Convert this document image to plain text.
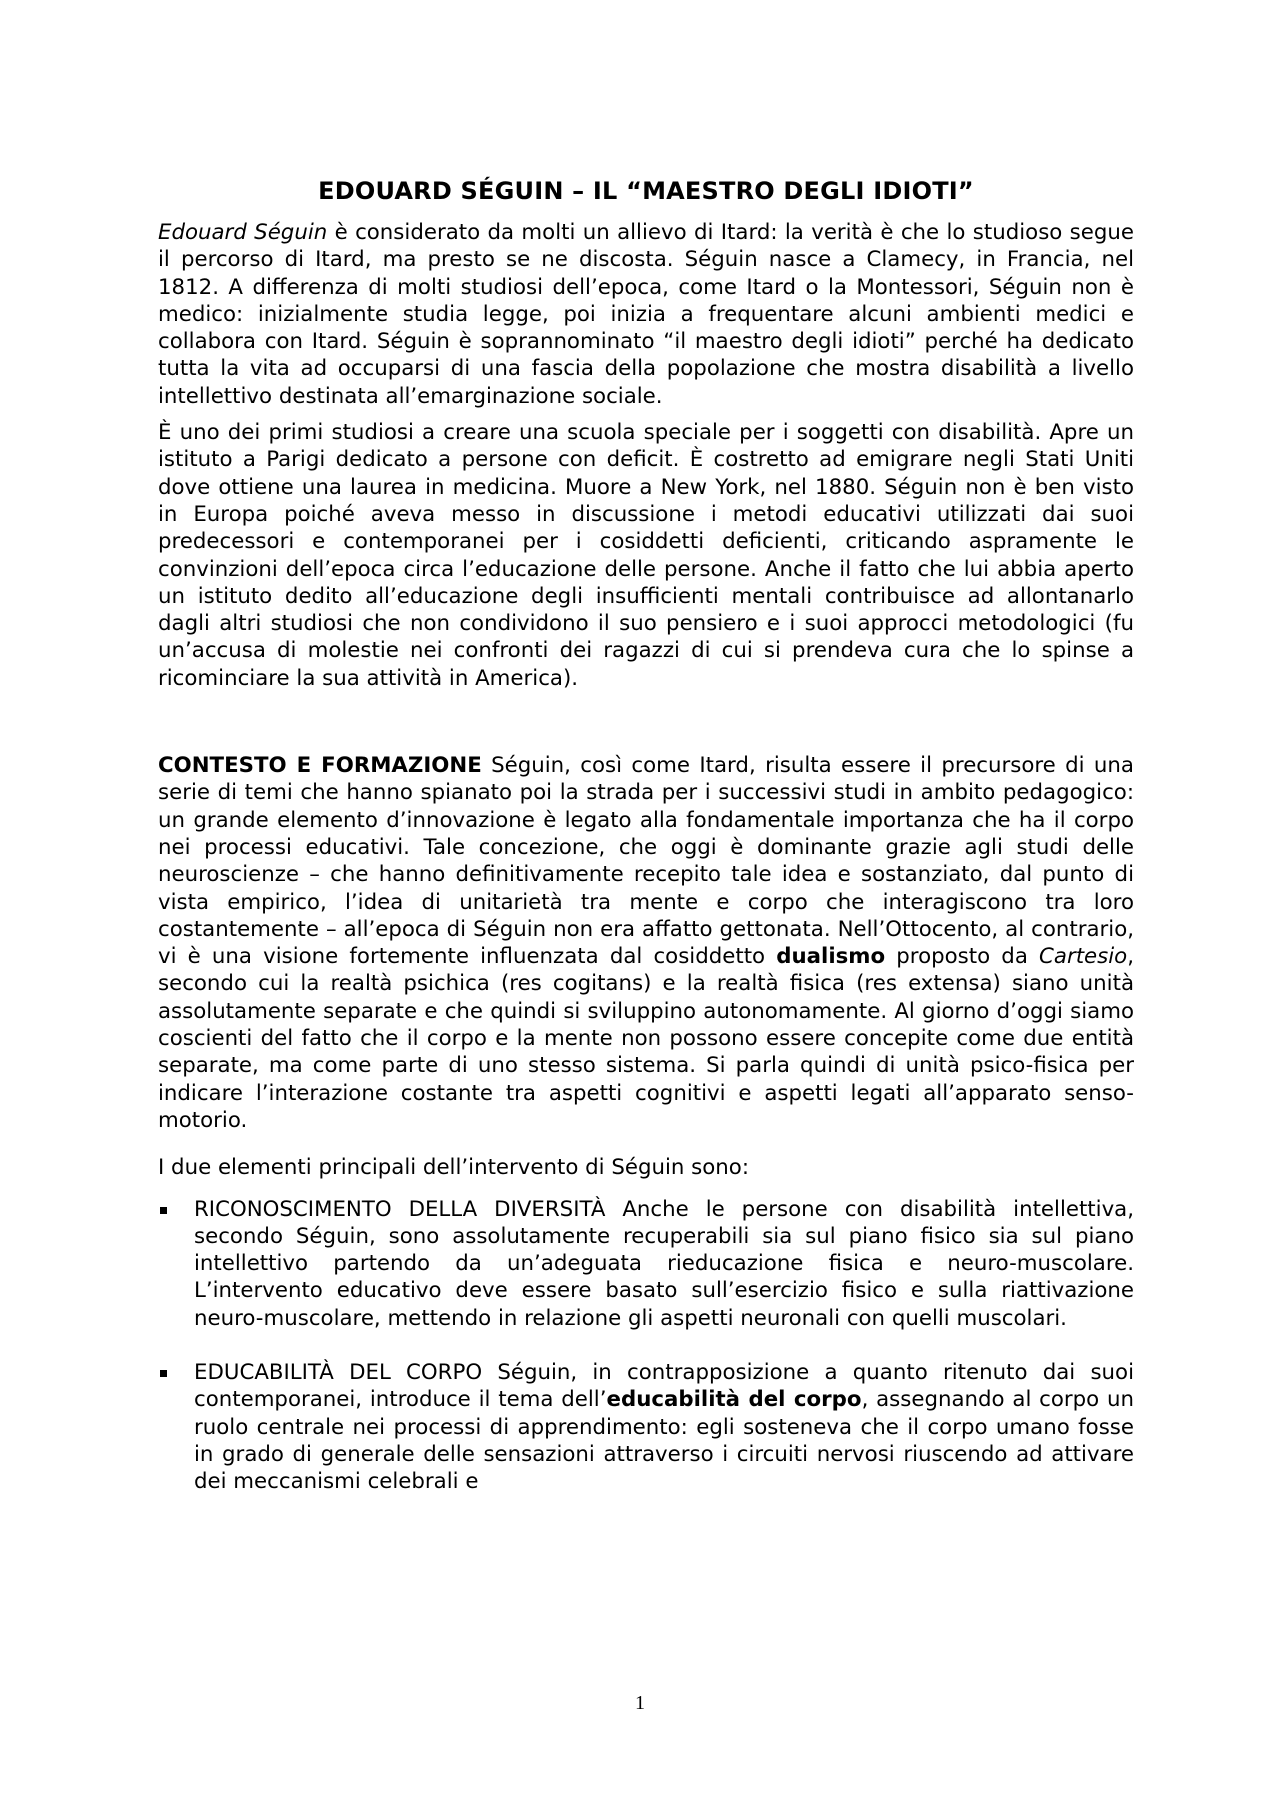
EDOUARD SÉGUIN – IL “MAESTRO DEGLI IDIOTI”

Edouard Séguin è considerato da molti un allievo di Itard: la verità è che lo studioso segue il percorso di Itard, ma presto se ne discosta. Séguin nasce a Clamecy, in Francia, nel 1812. A differenza di molti studiosi dell’epoca, come Itard o la Montessori, Séguin non è medico: inizialmente studia legge, poi inizia a frequentare alcuni ambienti medici e collabora con Itard. Séguin è soprannominato “il maestro degli idioti” perché ha dedicato tutta la vita ad occuparsi di una fascia della popolazione che mostra disabilità a livello intellettivo destinata all’emarginazione sociale.

È uno dei primi studiosi a creare una scuola speciale per i soggetti con disabilità. Apre un istituto a Parigi dedicato a persone con deficit. È costretto ad emigrare negli Stati Uniti dove ottiene una laurea in medicina. Muore a New York, nel 1880. Séguin non è ben visto in Europa poiché aveva messo in discussione i metodi educativi utilizzati dai suoi predecessori e contemporanei per i cosiddetti deficienti, criticando aspramente le convinzioni dell’epoca circa l’educazione delle persone. Anche il fatto che lui abbia aperto un istituto dedito all’educazione degli insufficienti mentali contribuisce ad allontanarlo dagli altri studiosi che non condividono il suo pensiero e i suoi approcci metodologici (fu un’accusa di molestie nei confronti dei ragazzi di cui si prendeva cura che lo spinse a ricominciare la sua attività in America).

CONTESTO E FORMAZIONE Séguin, così come Itard, risulta essere il precursore di una serie di temi che hanno spianato poi la strada per i successivi studi in ambito pedagogico: un grande elemento d’innovazione è legato alla fondamentale importanza che ha il corpo nei processi educativi. Tale concezione, che oggi è dominante grazie agli studi delle neuroscienze – che hanno definitivamente recepito tale idea e sostanziato, dal punto di vista empirico, l’idea di unitarietà tra mente e corpo che interagiscono tra loro costantemente – all’epoca di Séguin non era affatto gettonata. Nell’Ottocento, al contrario, vi è una visione fortemente influenzata dal cosiddetto dualismo proposto da Cartesio, secondo cui la realtà psichica (res cogitans) e la realtà fisica (res extensa) siano unità assolutamente separate e che quindi si sviluppino autonomamente. Al giorno d’oggi siamo coscienti del fatto che il corpo e la mente non possono essere concepite come due entità separate, ma come parte di uno stesso sistema. Si parla quindi di unità psico-fisica per indicare l’interazione costante tra aspetti cognitivi e aspetti legati all’apparato senso-motorio.

I due elementi principali dell’intervento di Séguin sono:

RICONOSCIMENTO DELLA DIVERSITÀ Anche le persone con disabilità intellettiva, secondo Séguin, sono assolutamente recuperabili sia sul piano fisico sia sul piano intellettivo partendo da un’adeguata rieducazione fisica e neuro-muscolare. L’intervento educativo deve essere basato sull’esercizio fisico e sulla riattivazione neuro-muscolare, mettendo in relazione gli aspetti neuronali con quelli muscolari.

EDUCABILITÀ DEL CORPO Séguin, in contrapposizione a quanto ritenuto dai suoi contemporanei, introduce il tema dell’educabilità del corpo, assegnando al corpo un ruolo centrale nei processi di apprendimento: egli sosteneva che il corpo umano fosse in grado di generale delle sensazioni attraverso i circuiti nervosi riuscendo ad attivare dei meccanismi celebrali e

1
